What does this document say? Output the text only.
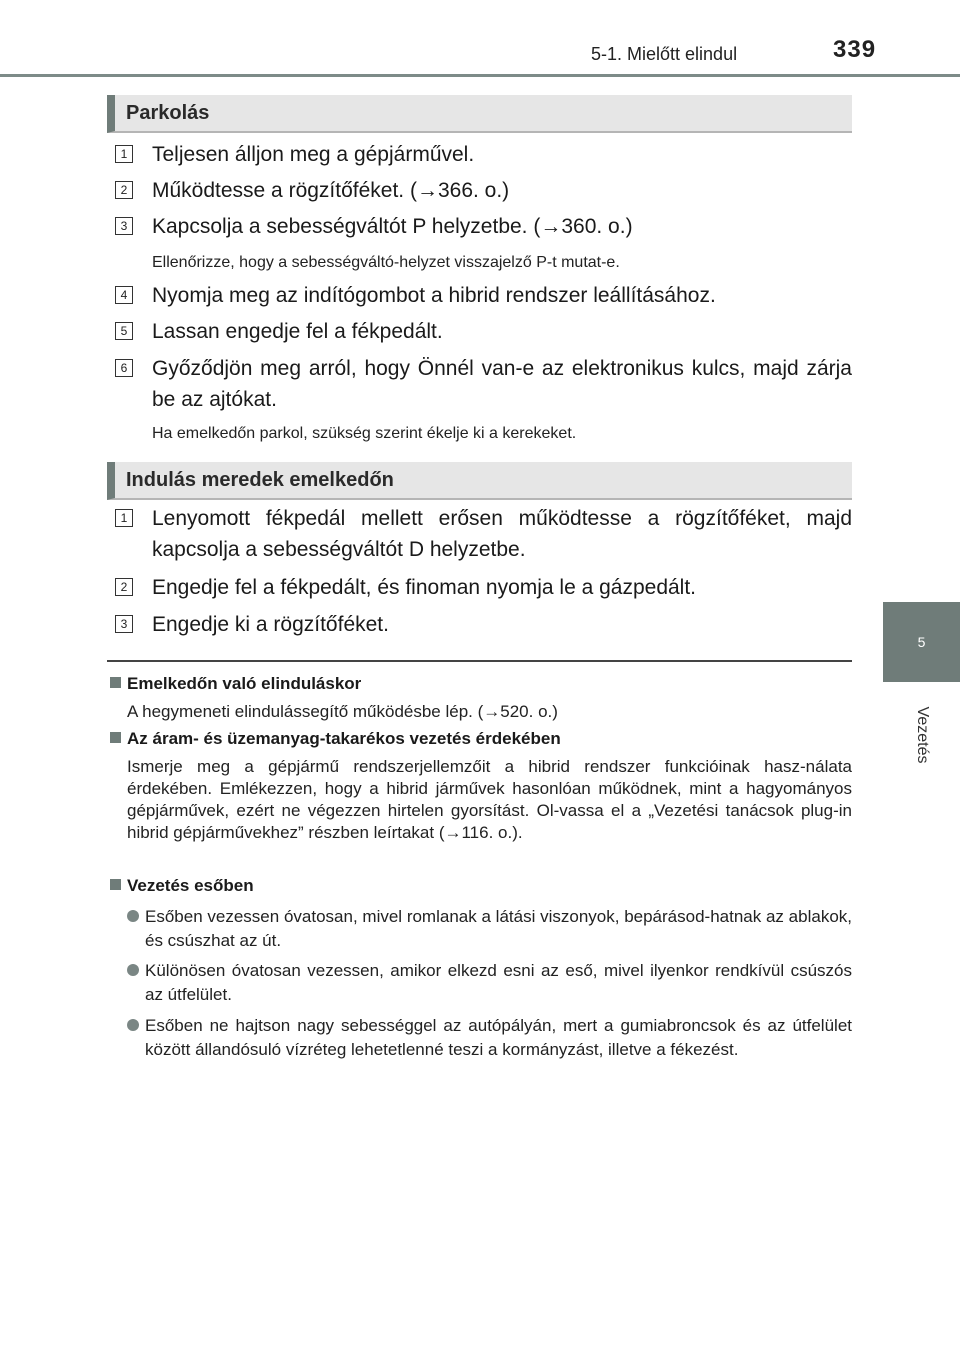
5-1. Mielőtt elindul	339
5
Vezetés
Parkolás
1 Teljesen álljon meg a gépjárművel.
2 Működtesse a rögzítőféket. (→366. o.)
3 Kapcsolja a sebességváltót P helyzetbe. (→360. o.)
Ellenőrizze, hogy a sebességváltó-helyzet visszajelző P-t mutat-e.
4 Nyomja meg az indítógombot a hibrid rendszer leállításához.
5 Lassan engedje fel a fékpedált.
6 Győződjön meg arról, hogy Önnél van-e az elektronikus kulcs, majd zárja be az ajtókat.
Ha emelkedőn parkol, szükség szerint ékelje ki a kerekeket.
Indulás meredek emelkedőn
1 Lenyomott fékpedál mellett erősen működtesse a rögzítőféket, majd kapcsolja a sebességváltót D helyzetbe.
2 Engedje fel a fékpedált, és finoman nyomja le a gázpedált.
3 Engedje ki a rögzítőféket.
Emelkedőn való elinduláskor
A hegymeneti elindulássegítő működésbe lép. (→520. o.)
Az áram- és üzemanyag-takarékos vezetés érdekében
Ismerje meg a gépjármű rendszerjellemzőit a hibrid rendszer funkcióinak hasz-nálata érdekében. Emlékezzen, hogy a hibrid járművek hasonlóan működnek, mint a hagyományos gépjárművek, ezért ne végezzen hirtelen gyorsítást. Ol-vassa el a „Vezetési tanácsok plug-in hibrid gépjárművekhez” részben leírtakat (→116. o.).
Vezetés esőben
Esőben vezessen óvatosan, mivel romlanak a látási viszonyok, bepárásod-hatnak az ablakok, és csúszhat az út.
Különösen óvatosan vezessen, amikor elkezd esni az eső, mivel ilyenkor rendkívül csúszós az útfelület.
Esőben ne hajtson nagy sebességgel az autópályán, mert a gumiabroncsok és az útfelület között állandósuló vízréteg lehetetlenné teszi a kormányzást, illetve a fékezést.
